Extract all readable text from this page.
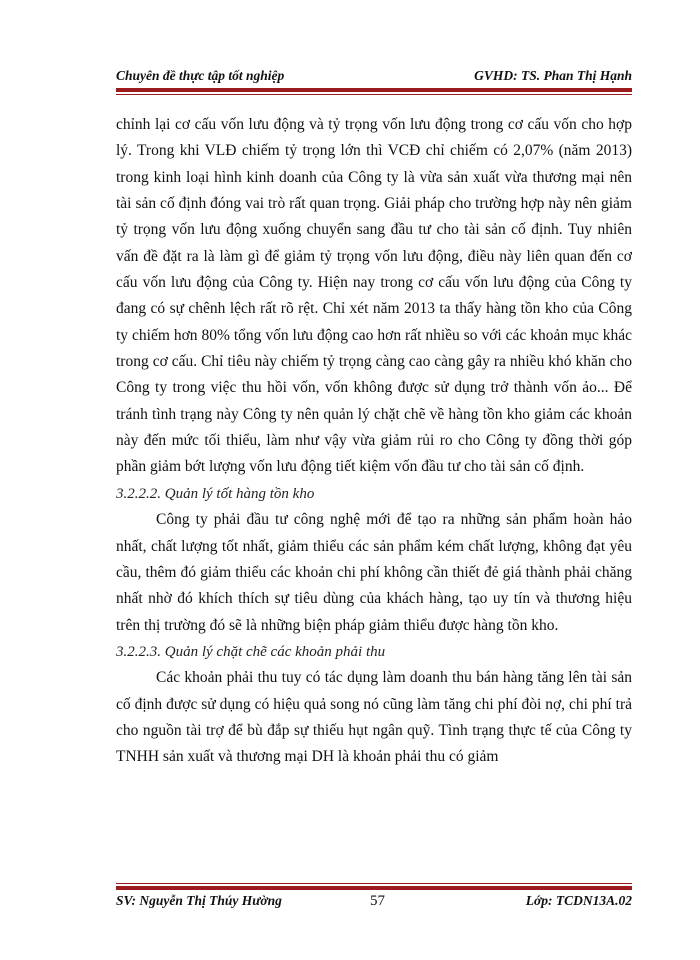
Chuyên đề thực tập tốt nghiệp	GVHD: TS. Phan Thị Hạnh

chỉnh lại cơ cấu vốn lưu động và tỷ trọng vốn lưu động trong cơ cấu vốn cho hợp lý. Trong khi VLĐ chiếm tỷ trọng lớn thì VCĐ chỉ chiếm có 2,07% (năm 2013) trong kinh loại hình kinh doanh của Công ty là vừa sản xuất vừa thương mại nên tài sản cố định đóng vai trò rất quan trọng. Giải pháp cho trường hợp này nên giảm tỷ trọng vốn lưu động xuống chuyển sang đầu tư cho tài sản cố định. Tuy nhiên vấn đề đặt ra là làm gì để giảm tỷ trọng vốn lưu động, điều này liên quan đến cơ cấu vốn lưu động của Công ty. Hiện nay trong cơ cấu vốn lưu động của Công ty đang có sự chênh lệch rất rõ rệt. Chỉ xét năm 2013 ta thấy hàng tồn kho của Công ty chiếm hơn 80% tổng vốn lưu động cao hơn rất nhiều so với các khoản mục khác trong cơ cấu. Chỉ tiêu này chiếm tỷ trọng càng cao càng gây ra nhiều khó khăn cho Công ty trong việc thu hồi vốn, vốn không được sử dụng trở thành vốn ảo... Để tránh tình trạng này Công ty nên quản lý chặt chẽ về hàng tồn kho giảm các khoản này đến mức tối thiểu, làm như vậy vừa giảm rủi ro cho Công ty đồng thời góp phần giảm bớt lượng vốn lưu động tiết kiệm vốn đầu tư cho tài sản cố định.

3.2.2.2. Quản lý tốt hàng tồn kho

Công ty phải đầu tư công nghệ mới để tạo ra những sản phẩm hoàn hảo nhất, chất lượng tốt nhất, giảm thiểu các sản phẩm kém chất lượng, không đạt yêu cầu, thêm đó giảm thiểu các khoản chi phí không cần thiết đẻ giá thành phải chăng nhất nhờ đó khích thích sự tiêu dùng của khách hàng, tạo uy tín và thương hiệu trên thị trường đó sẽ là những biện pháp giảm thiểu được hàng tồn kho.

3.2.2.3. Quản lý chặt chẽ các khoản phải thu

Các khoản phải thu tuy có tác dụng làm doanh thu bán hàng tăng lên tài sản cố định được sử dụng có hiệu quả song nó cũng làm tăng chi phí đòi nợ, chi phí trả cho nguồn tài trợ để bù đắp sự thiếu hụt ngân quỹ. Tình trạng thực tế của Công ty TNHH sản xuất và thương mại DH là khoản phải thu có giảm

SV: Nguyễn Thị Thúy Hường	57	Lớp: TCDN13A.02
